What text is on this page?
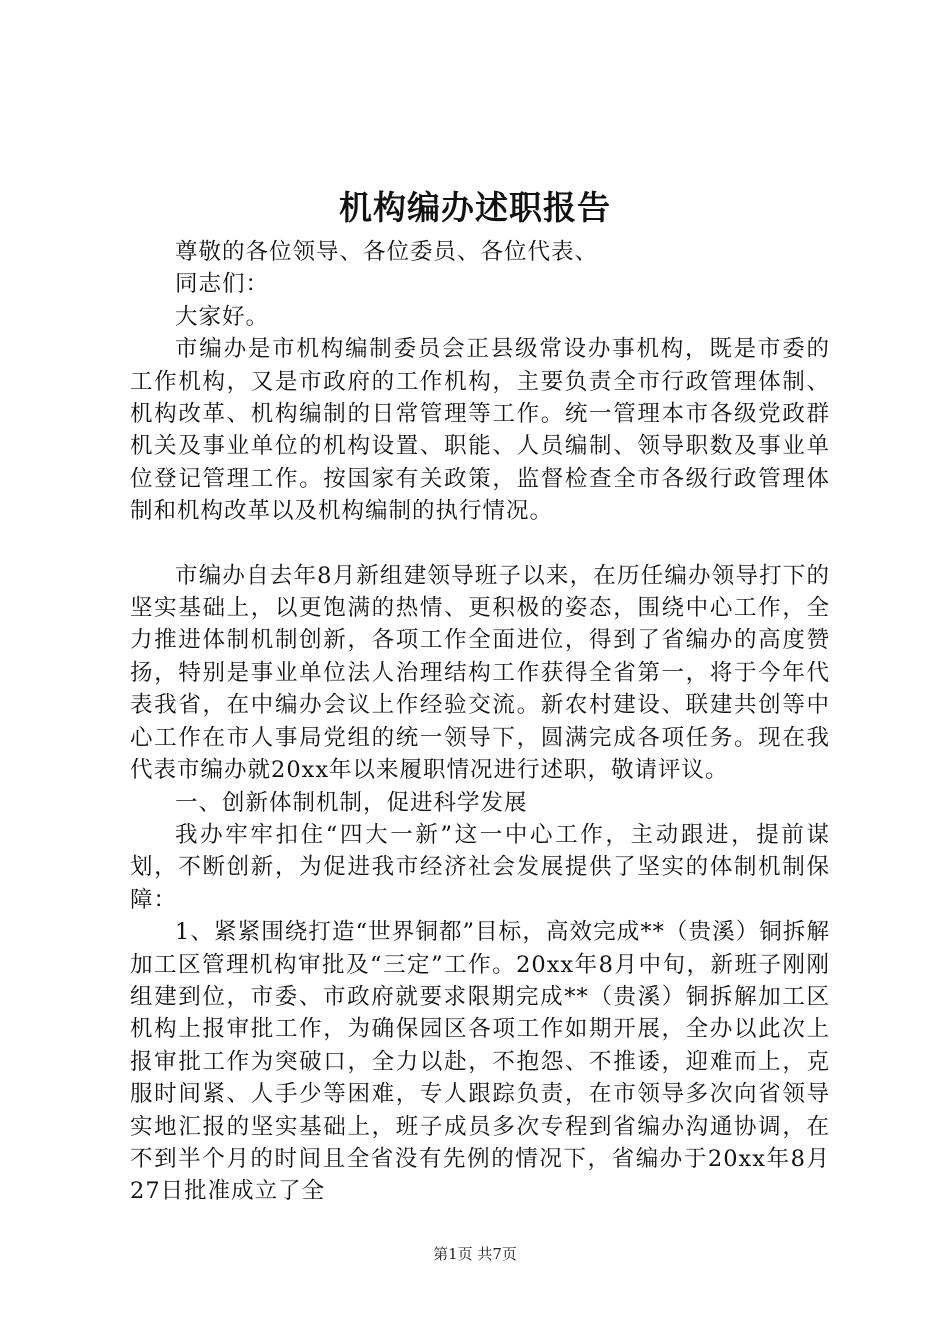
机构编办述职报告

尊敬的各位领导、各位委员、各位代表、

同志们：

大家好。

市编办是市机构编制委员会正县级常设办事机构，既是市委的工作机构，又是市政府的工作机构，主要负责全市行政管理体制、机构改革、机构编制的日常管理等工作。统一管理本市各级党政群机关及事业单位的机构设置、职能、人员编制、领导职数及事业单位登记管理工作。按国家有关政策，监督检查全市各级行政管理体制和机构改革以及机构编制的执行情况。

市编办自去年8月新组建领导班子以来，在历任编办领导打下的坚实基础上，以更饱满的热情、更积极的姿态，围绕中心工作，全力推进体制机制创新，各项工作全面进位，得到了省编办的高度赞扬，特别是事业单位法人治理结构工作获得全省第一，将于今年代表我省，在中编办会议上作经验交流。新农村建设、联建共创等中心工作在市人事局党组的统一领导下，圆满完成各项任务。现在我代表市编办就20xx年以来履职情况进行述职，敬请评议。

一、创新体制机制，促进科学发展

我办牢牢扣住“四大一新”这一中心工作，主动跟进，提前谋划，不断创新，为促进我市经济社会发展提供了坚实的体制机制保障：

1、紧紧围绕打造“世界铜都”目标，高效完成**（贵溪）铜拆解加工区管理机构审批及“三定”工作。20xx年8月中旬，新班子刚刚组建到位，市委、市政府就要求限期完成**（贵溪）铜拆解加工区机构上报审批工作，为确保园区各项工作如期开展，全办以此次上报审批工作为突破口，全力以赴，不抱怨、不推诿，迎难而上，克服时间紧、人手少等困难，专人跟踪负责，在市领导多次向省领导实地汇报的坚实基础上，班子成员多次专程到省编办沟通协调，在不到半个月的时间且全省没有先例的情况下，省编办于20xx年8月27日批准成立了全

第1页 共7页
